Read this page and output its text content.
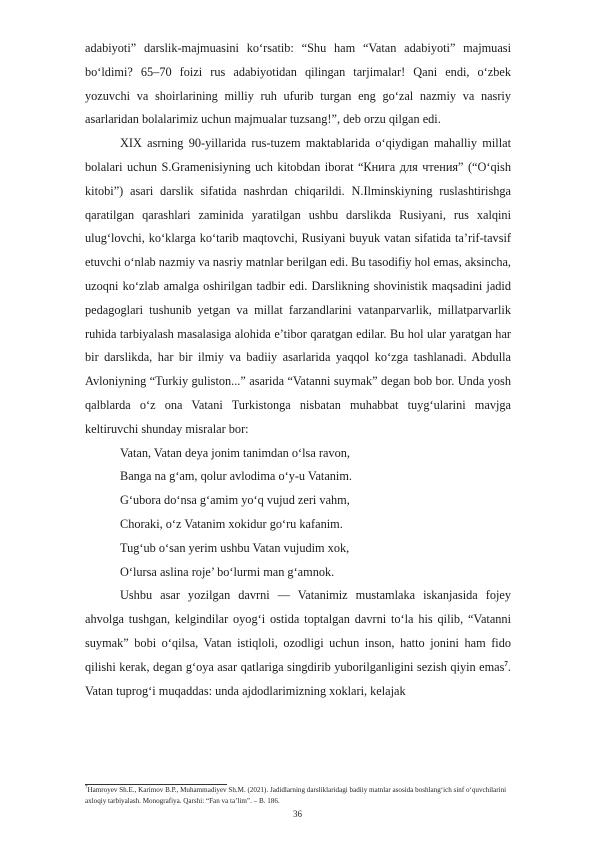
adabiyoti” darslik-majmuasini ko‘rsatib: “Shu ham “Vatan adabiyoti” majmuasi bo‘ldimi? 65–70 foizi rus adabiyotidan qilingan tarjimalar! Qani endi, o‘zbek yozuvchi va shoirlarining milliy ruh ufurib turgan eng go‘zal nazmiy va nasriy asarlaridan bolalarimiz uchun majmualar tuzsang!”, deb orzu qilgan edi.

XIX asrning 90-yillarida rus-tuzem maktablarida o‘qiydigan mahalliy millat bolalari uchun S.Gramenisiyning uch kitobdan iborat “Книга для чтения” (“O‘qish kitobi”) asari darslik sifatida nashrdan chiqarildi. N.Ilminskiyning ruslashtirishga qaratilgan qarashlari zaminida yaratilgan ushbu darslikda Rusiyani, rus xalqini ulug‘lovchi, ko‘klarga ko‘tarib maqtovchi, Rusiyani buyuk vatan sifatida ta’rif-tavsif etuvchi o‘nlab nazmiy va nasriy matnlar berilgan edi. Bu tasodifiy hol emas, aksincha, uzoqni ko‘zlab amalga oshirilgan tadbir edi. Darslikning shovinistik maqsadini jadid pedagoglari tushunib yetgan va millat farzandlarini vatanparvarlik, millatparvarlik ruhida tarbiyalash masalasiga alohida e’tibor qaratgan edilar. Bu hol ular yaratgan har bir darslikda, har bir ilmiy va badiiy asarlarida yaqqol ko‘zga tashlanadi. Abdulla Avloniyning “Turkiy guliston...” asarida “Vatanni suymak” degan bob bor. Unda yosh qalblarda o‘z ona Vatani Turkistonga nisbatan muhabbat tuyg‘ularini mavjga keltiruvchi shunday misralar bor:

Vatan, Vatan deya jonim tanimdan o‘lsa ravon,

Banga na g‘am, qolur avlodima o‘y-u Vatanim.

G‘ubora do‘nsa g‘amim yo‘q vujud zeri vahm,

Choraki, o‘z Vatanim xokidur go‘ru kafanim.

Tug‘ub o‘san yerim ushbu Vatan vujudim xok,

O‘lursa aslina roje’ bo‘lurmi man g‘amnok.

Ushbu asar yozilgan davrni — Vatanimiz mustamlaka iskanjasida fojey ahvolga tushgan, kelgindilar oyog‘i ostida toptalgan davrni to‘la his qilib, “Vatanni suymak” bobi o‘qilsa, Vatan istiqloli, ozodligi uchun inson, hatto jonini ham fido qilishi kerak, degan g‘oya asar qatlariga singdirib yuborilganligini sezish qiyin emas$^7$. Vatan tuprog‘i muqaddas: unda ajdodlarimizning xoklari, kelajak

$^7$Hamroyev Sh.E., Karimov B.P., Muhammadiyev Sh.M. (2021). Jadidlarning darsliklaridagi badiiy matnlar asosida boshlang‘ich sinf o‘quvchilarini axloqiy tarbiyalash. Monografiya. Qarshi: “Fan va ta’lim”. – B. 186.
36
